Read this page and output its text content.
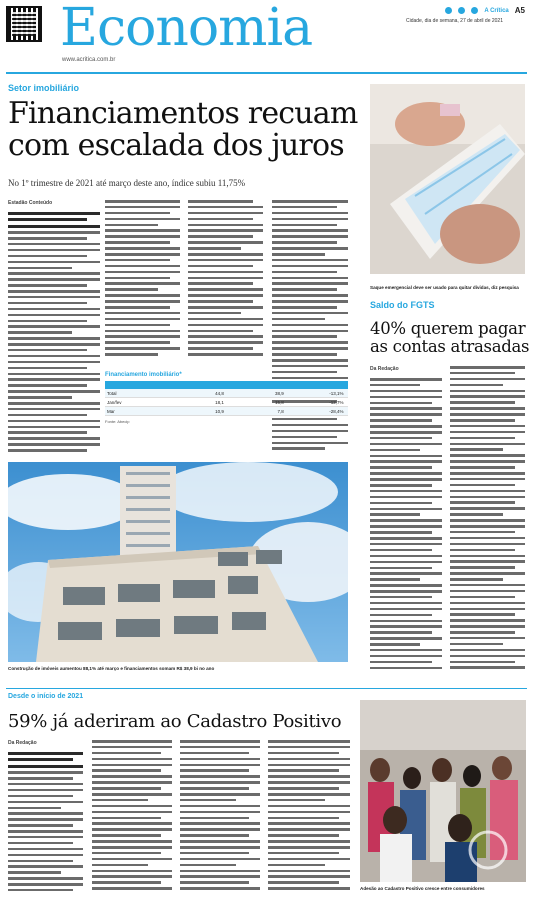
Economia
www.acritica.com.br
A Crítica A5
Cidade, dia de semana, 27 de abril de 2021
Setor imobiliário
Financiamentos recuam
com escalada dos juros
No 1º trimestre de 2021 até março deste ano, índice subiu 11,75%
Estadão Conteúdo
Financiamento imobiliário*
Total	44,8	38,9	-13,1%
Jan/fev	18,1	15,8	-12,7%
Mar	10,9	7,8	-28,4%
Fonte: Abecip
Construção de imóveis aumentou 88,1% até março e financiamentos somam R$ 38,9 bi no ano
Saque emergencial deve ser usado para quitar dívidas, diz pesquisa
Saldo do FGTS
40% querem pagar
as contas atrasadas
Da Redação
Desde o início de 2021
59% já aderiram ao Cadastro Positivo
Da Redação
Adesão ao Cadastro Positivo cresce entre consumidores
